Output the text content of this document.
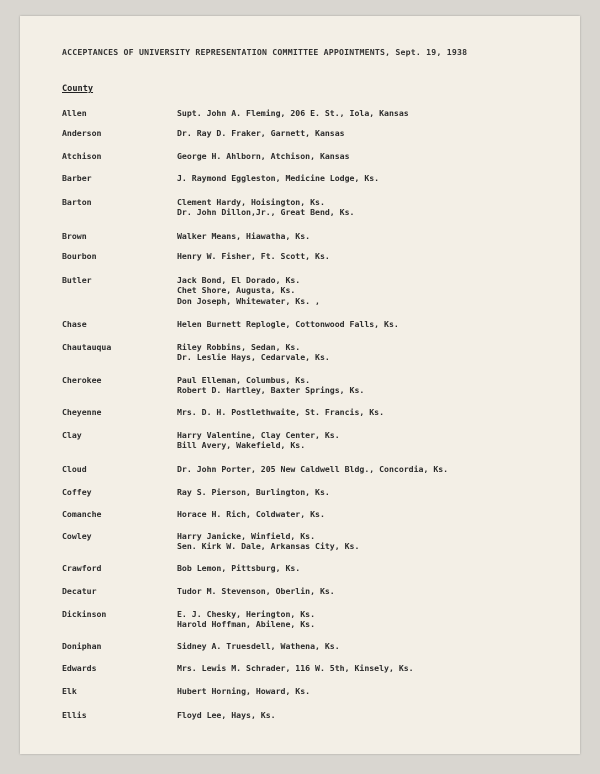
ACCEPTANCES OF UNIVERSITY REPRESENTATION COMMITTEE APPOINTMENTS, Sept. 19, 1938
County
Allen	Supt. John A. Fleming, 206 E. St., Iola, Kansas
Anderson	Dr. Ray D. Fraker, Garnett, Kansas
Atchison	George H. Ahlborn, Atchison, Kansas
Barber	J. Raymond Eggleston, Medicine Lodge, Ks.
Barton	Clement Hardy, Hoisington, Ks.
Dr. John Dillon,Jr., Great Bend, Ks.
Brown	Walker Means, Hiawatha, Ks.
Bourbon	Henry W. Fisher, Ft. Scott, Ks.
Butler	Jack Bond, El Dorado, Ks.
Chet Shore, Augusta, Ks.
Don Joseph, Whitewater, Ks. ,
Chase	Helen Burnett Replogle, Cottonwood Falls, Ks.
Chautauqua	Riley Robbins, Sedan, Ks.
Dr. Leslie Hays, Cedarvale, Ks.
Cherokee	Paul Elleman, Columbus, Ks.
Robert D. Hartley, Baxter Springs, Ks.
Cheyenne	Mrs. D. H. Postlethwaite, St. Francis, Ks.
Clay	Harry Valentine, Clay Center, Ks.
Bill Avery, Wakefield, Ks.
Cloud	Dr. John Porter, 205 New Caldwell Bldg., Concordia, Ks.
Coffey	Ray S. Pierson, Burlington, Ks.
Comanche	Horace H. Rich, Coldwater, Ks.
Cowley	Harry Janicke, Winfield, Ks.
Sen. Kirk W. Dale, Arkansas City, Ks.
Crawford	Bob Lemon, Pittsburg, Ks.
Decatur	Tudor M. Stevenson, Oberlin, Ks.
Dickinson	E. J. Chesky, Herington, Ks.
Harold Hoffman, Abilene, Ks.
Doniphan	Sidney A. Truesdell, Wathena, Ks.
Edwards	Mrs. Lewis M. Schrader, 116 W. 5th, Kinsely, Ks.
Elk	Hubert Horning, Howard, Ks.
Ellis	Floyd Lee, Hays, Ks.
